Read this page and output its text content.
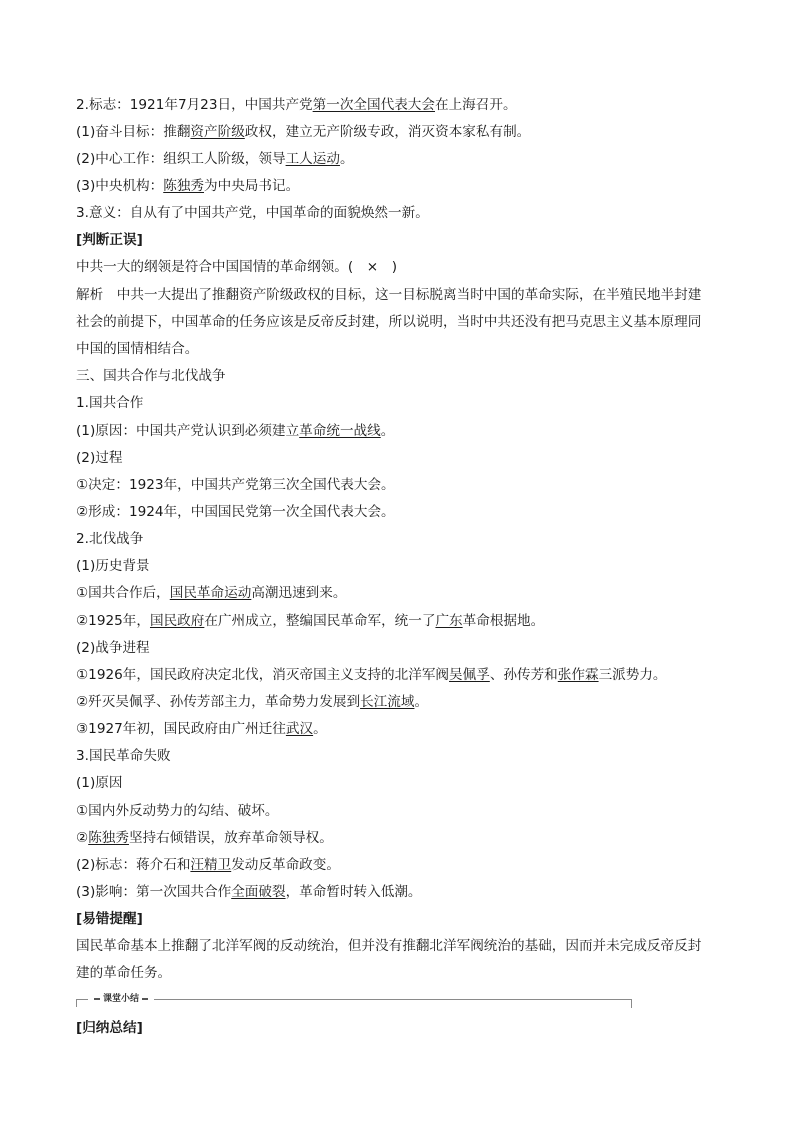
2.标志：1921年7月23日，中国共产党第一次全国代表大会在上海召开。
(1)奋斗目标：推翻资产阶级政权，建立无产阶级专政，消灭资本家私有制。
(2)中心工作：组织工人阶级，领导工人运动。
(3)中央机构：陈独秀为中央局书记。
3.意义：自从有了中国共产党，中国革命的面貌焕然一新。
[判断正误]
中共一大的纲领是符合中国国情的革命纲领。(　×　)
解析　中共一大提出了推翻资产阶级政权的目标，这一目标脱离当时中国的革命实际，在半殖民地半封建
社会的前提下，中国革命的任务应该是反帝反封建，所以说明，当时中共还没有把马克思主义基本原理同
中国的国情相结合。
三、国共合作与北伐战争
1.国共合作
(1)原因：中国共产党认识到必须建立革命统一战线。
(2)过程
①决定：1923年，中国共产党第三次全国代表大会。
②形成：1924年，中国国民党第一次全国代表大会。
2.北伐战争
(1)历史背景
①国共合作后，国民革命运动高潮迅速到来。
②1925年，国民政府在广州成立，整编国民革命军，统一了广东革命根据地。
(2)战争进程
①1926年，国民政府决定北伐，消灭帝国主义支持的北洋军阀吴佩孚、孙传芳和张作霖三派势力。
②歼灭吴佩孚、孙传芳部主力，革命势力发展到长江流域。
③1927年初，国民政府由广州迁往武汉。
3.国民革命失败
(1)原因
①国内外反动势力的勾结、破坏。
②陈独秀坚持右倾错误，放弃革命领导权。
(2)标志：蒋介石和汪精卫发动反革命政变。
(3)影响：第一次国共合作全面破裂，革命暂时转入低潮。
[易错提醒]
国民革命基本上推翻了北洋军阀的反动统治，但并没有推翻北洋军阀统治的基础，因而并未完成反帝反封
建的革命任务。
课堂小结
[归纳总结]
